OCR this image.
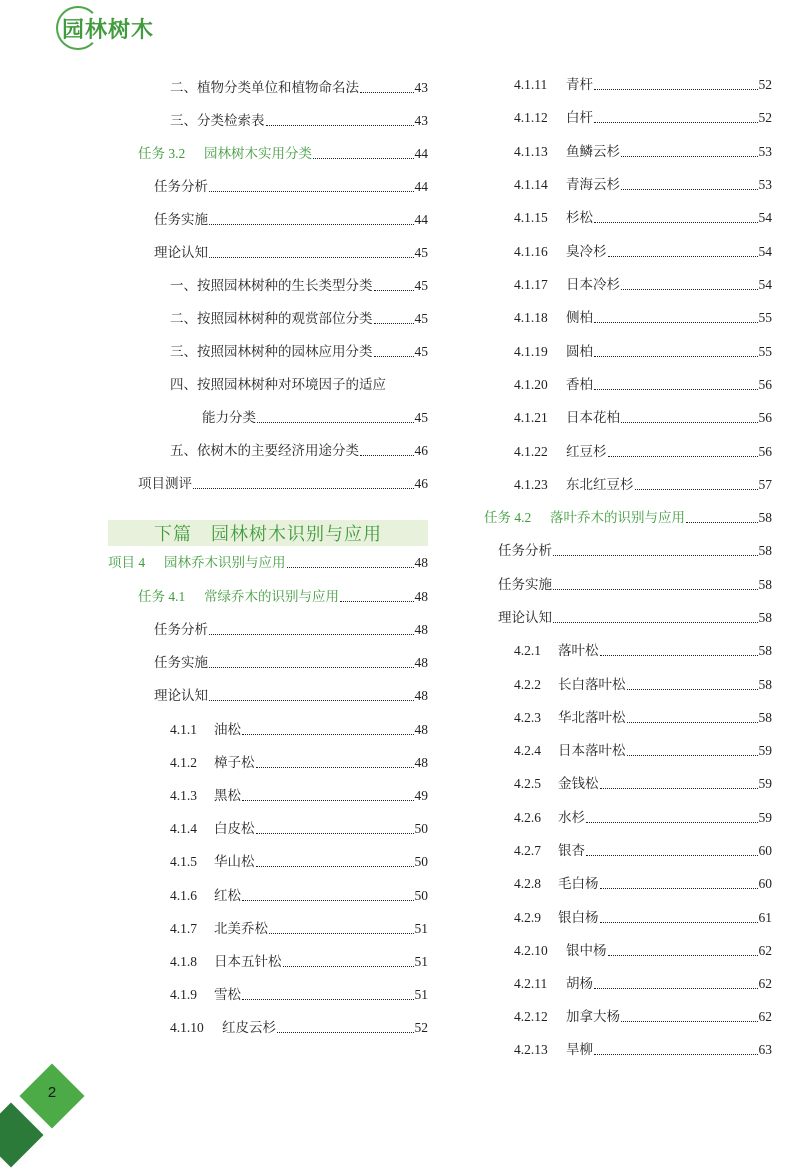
园林树木
二、植物分类单位和植物命名法	43
三、分类检索表	43
任务 3.2	园林树木实用分类	44
任务分析	44
任务实施	44
理论认知	45
一、按照园林树种的生长类型分类	45
二、按照园林树种的观赏部位分类	45
三、按照园林树种的园林应用分类	45
四、按照园林树种对环境因子的适应
能力分类	45
五、依树木的主要经济用途分类	46
项目测评	46
下篇　园林树木识别与应用
项目 4	园林乔木识别与应用	48
任务 4.1	常绿乔木的识别与应用	48
任务分析	48
任务实施	48
理论认知	48
4.1.1	油松	48
4.1.2	樟子松	48
4.1.3	黑松	49
4.1.4	白皮松	50
4.1.5	华山松	50
4.1.6	红松	50
4.1.7	北美乔松	51
4.1.8	日本五针松	51
4.1.9	雪松	51
4.1.10	红皮云杉	52
4.1.11	青杆	52
4.1.12	白杆	52
4.1.13	鱼鳞云杉	53
4.1.14	青海云杉	53
4.1.15	杉松	54
4.1.16	臭冷杉	54
4.1.17	日本冷杉	54
4.1.18	侧柏	55
4.1.19	圆柏	55
4.1.20	香柏	56
4.1.21	日本花柏	56
4.1.22	红豆杉	56
4.1.23	东北红豆杉	57
任务 4.2	落叶乔木的识别与应用	58
任务分析	58
任务实施	58
理论认知	58
4.2.1	落叶松	58
4.2.2	长白落叶松	58
4.2.3	华北落叶松	58
4.2.4	日本落叶松	59
4.2.5	金钱松	59
4.2.6	水杉	59
4.2.7	银杏	60
4.2.8	毛白杨	60
4.2.9	银白杨	61
4.2.10	银中杨	62
4.2.11	胡杨	62
4.2.12	加拿大杨	62
4.2.13	旱柳	63
2
